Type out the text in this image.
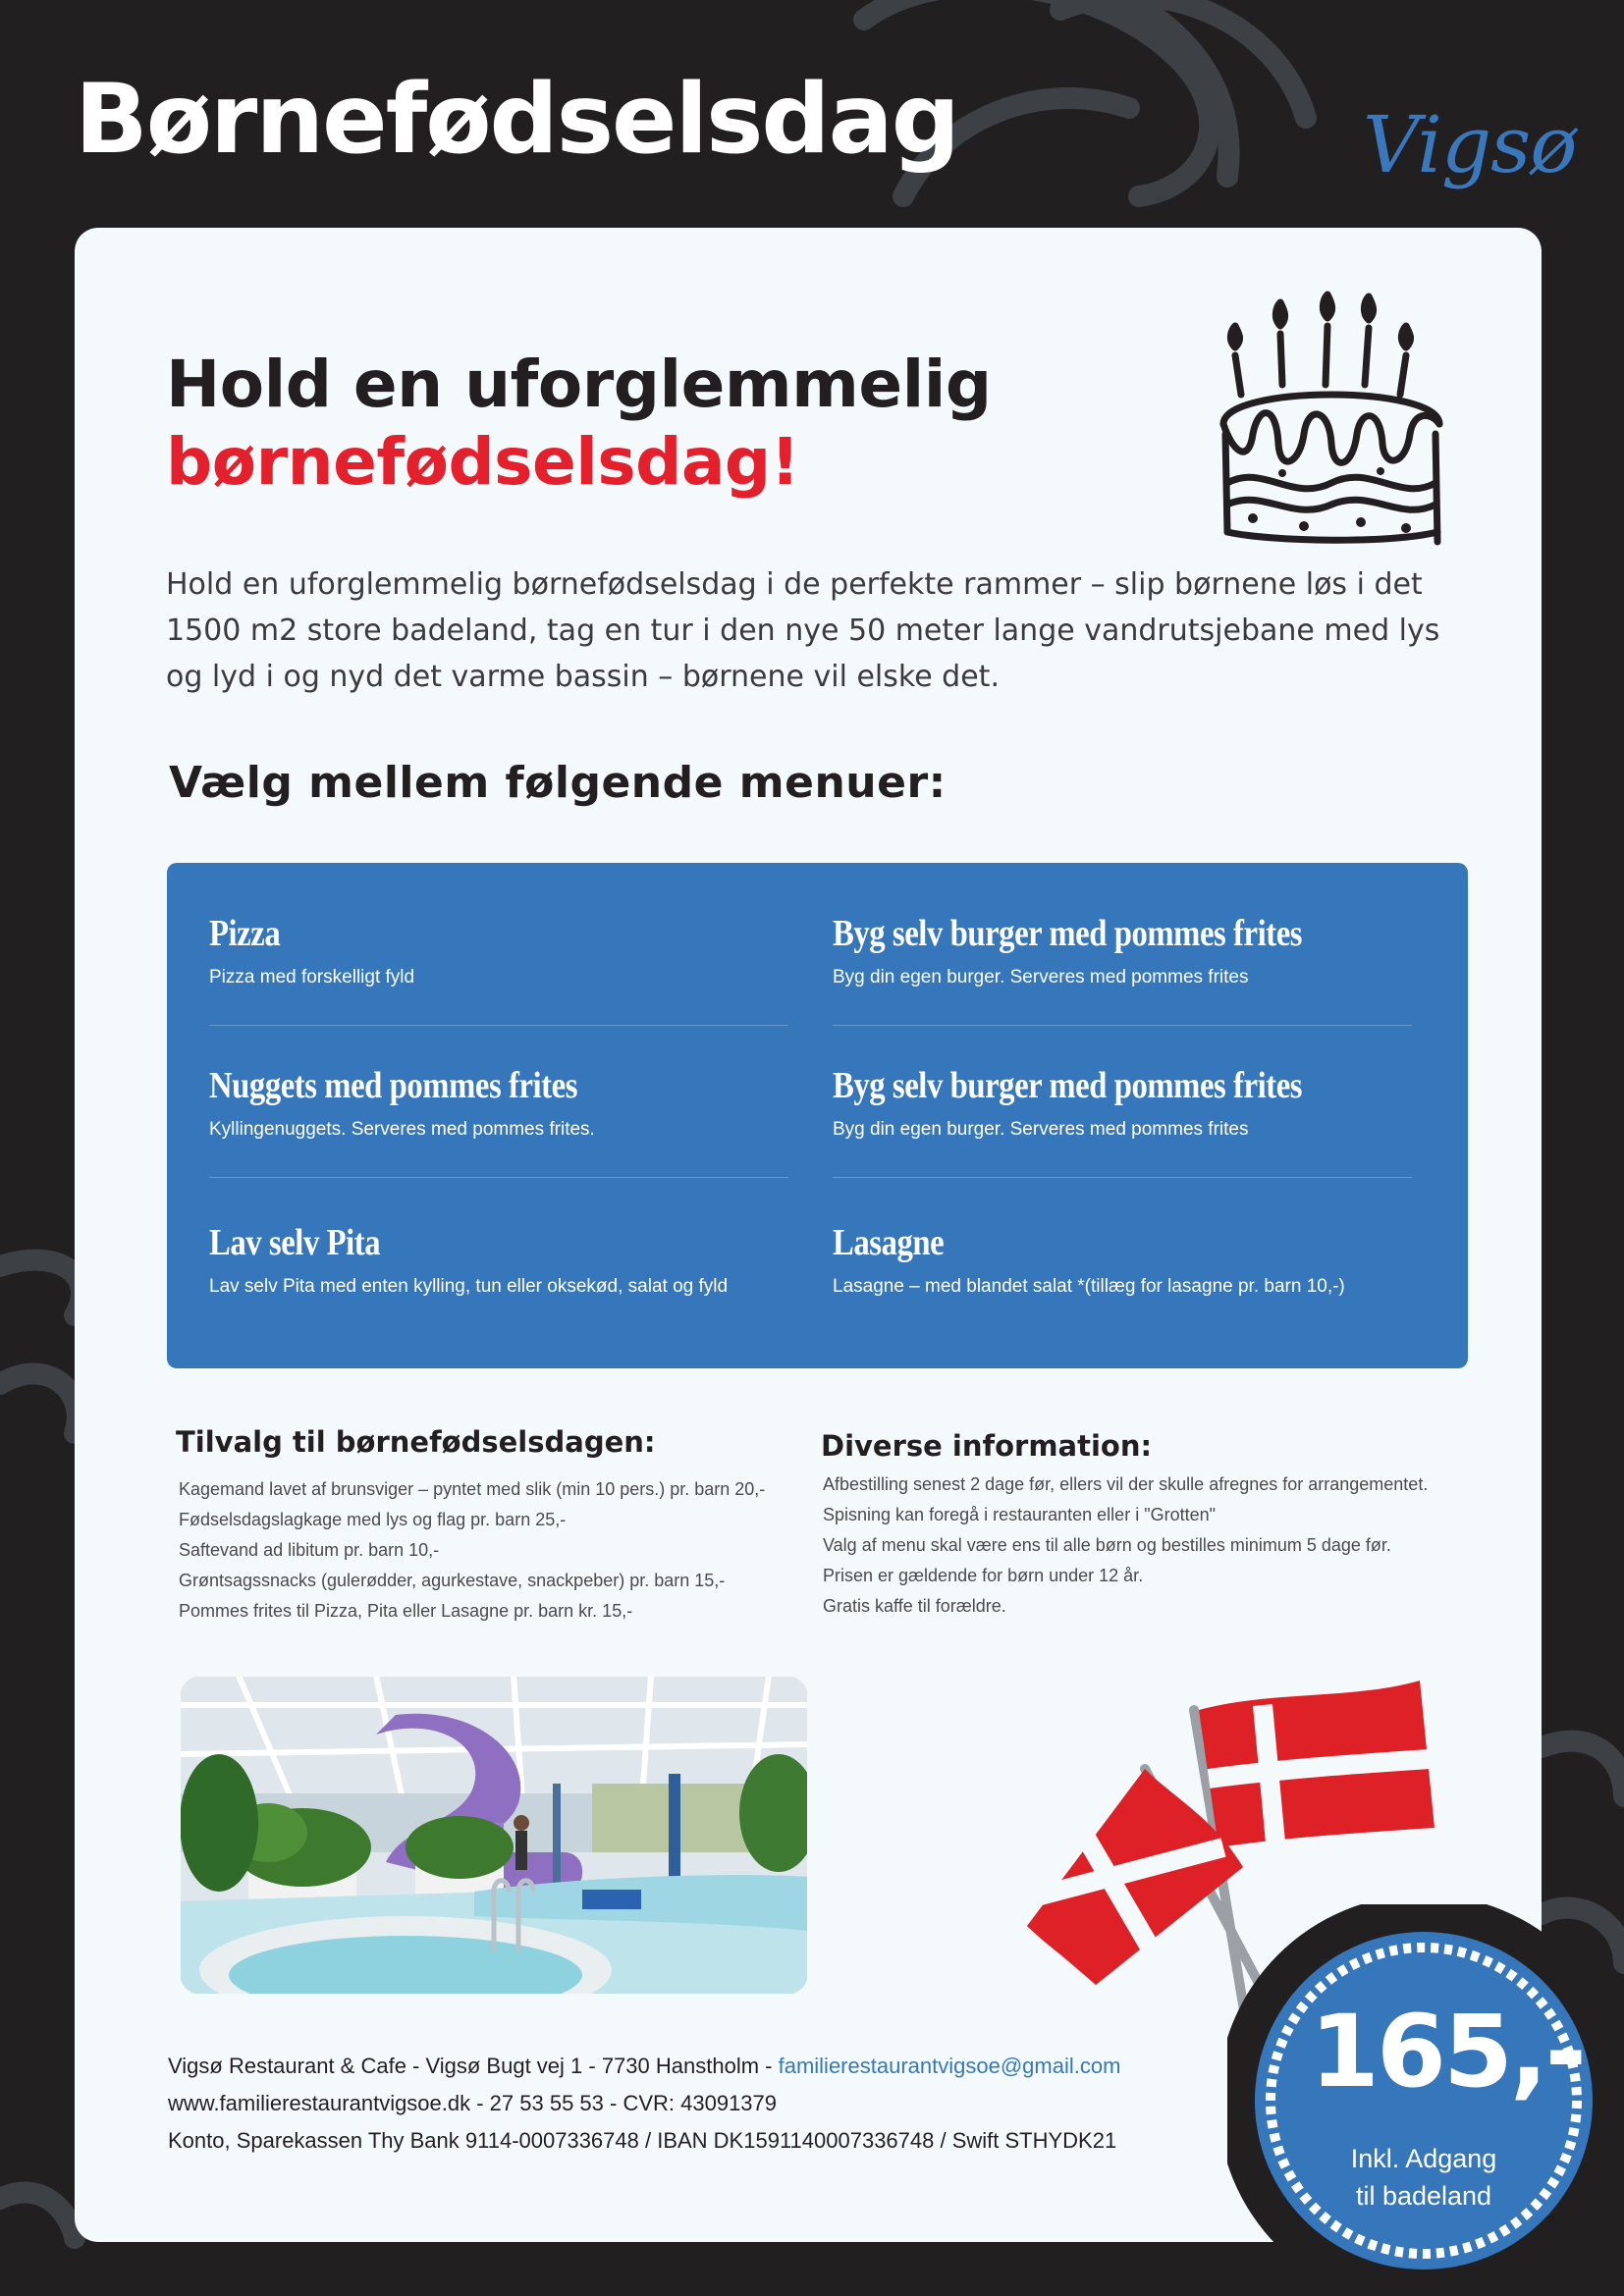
Børnefødselsdag	Vigsø
Hold en uforglemmelig
børnefødselsdag!

Hold en uforglemmelig børnefødselsdag i de perfekte rammer – slip børnene løs i det 1500 m2 store badeland, tag en tur i den nye 50 meter lange vandrutsjebane med lys og lyd i og nyd det varme bassin – børnene vil elske det.

Vælg mellem følgende menuer:
Pizza
Pizza med forskelligt fyld
Byg selv burger med pommes frites
Byg din egen burger. Serveres med pommes frites
Nuggets med pommes frites
Kyllingenuggets. Serveres med pommes frites.
Byg selv burger med pommes frites
Byg din egen burger. Serveres med pommes frites
Lav selv Pita
Lav selv Pita med enten kylling, tun eller oksekød, salat og fyld
Lasagne
Lasagne – med blandet salat *(tillæg for lasagne pr. barn 10,-)
Tilvalg til børnefødselsdagen:
Kagemand lavet af brunsviger – pyntet med slik (min 10 pers.) pr. barn 20,-
Fødselsdagslagkage med lys og flag pr. barn 25,-
Saftevand ad libitum pr. barn 10,-
Grøntsagssnacks (gulerødder, agurkestave, snackpeber) pr. barn 15,-
Pommes frites til Pizza, Pita eller Lasagne pr. barn kr. 15,-
Diverse information:
Afbestilling senest 2 dage før, ellers vil der skulle afregnes for arrangementet.
Spisning kan foregå i restauranten eller i "Grotten"
Valg af menu skal være ens til alle børn og bestilles minimum 5 dage før.
Prisen er gældende for børn under 12 år.
Gratis kaffe til forældre.
Vigsø Restaurant & Cafe - Vigsø Bugt vej 1 - 7730 Hanstholm - familierestaurantvigsoe@gmail.com
www.familierestaurantvigsoe.dk - 27 53 55 53 - CVR: 43091379
Konto, Sparekassen Thy Bank 9114-0007336748 / IBAN DK1591140007336748 / Swift STHYDK21
165,-
Inkl. Adgang
til badeland
